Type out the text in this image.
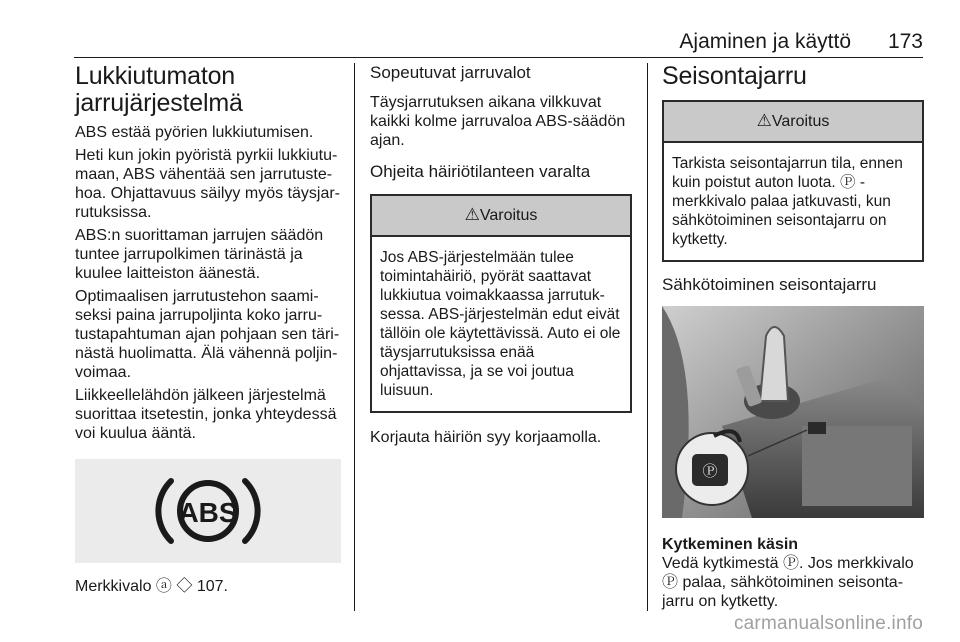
Ajaminen ja käyttö 173
Lukkiutumaton jarrujärjestelmä

ABS estää pyörien lukkiutumisen.

Heti kun jokin pyöristä pyrkii lukkiutu-maan, ABS vähentää sen jarrutuste-hoa. Ohjattavuus säilyy myös täysjar-rutuksissa.

ABS:n suorittaman jarrujen säädön tuntee jarrupolkimen tärinästä ja kuulee laitteiston äänestä.

Optimaalisen jarrutustehon saami-seksi paina jarrupoljinta koko jarru-tustapahtuman ajan pohjaan sen täri-nästä huolimatta. Älä vähennä poljin-voimaa.

Liikkeellelähdön jälkeen järjestelmä suorittaa itsetestin, jonka yhteydessä voi kuulua ääntä.

ABS

Merkkivalo ⓐ ◇ 107.

Sopeutuvat jarruvalot

Täysjarrutuksen aikana vilkkuvat kaikki kolme jarruvaloa ABS-säädön ajan.

Ohjeita häiriötilanteen varalta
⚠Varoitus
Jos ABS-järjestelmään tulee toimintahäiriö, pyörät saattavat lukkiutua voimakkaassa jarrutuk-sessa. ABS-järjestelmän edut eivät tällöin ole käytettävissä. Auto ei ole täysjarrutuksissa enää ohjattavissa, ja se voi joutua luisuun.

Korjauta häiriön syy korjaamolla.

Seisontajarru
⚠Varoitus
Tarkista seisontajarrun tila, ennen kuin poistut auton luota. Ⓟ - merkkivalo palaa jatkuvasti, kun sähkötoiminen seisontajarru on kytketty.
Sähkötoiminen seisontajarru
Ⓟ
Kytkeminen käsin

Vedä kytkimestä Ⓟ. Jos merkkivalo Ⓟ palaa, sähkötoiminen seisonta-jarru on kytketty.

carmanualsonline.info
